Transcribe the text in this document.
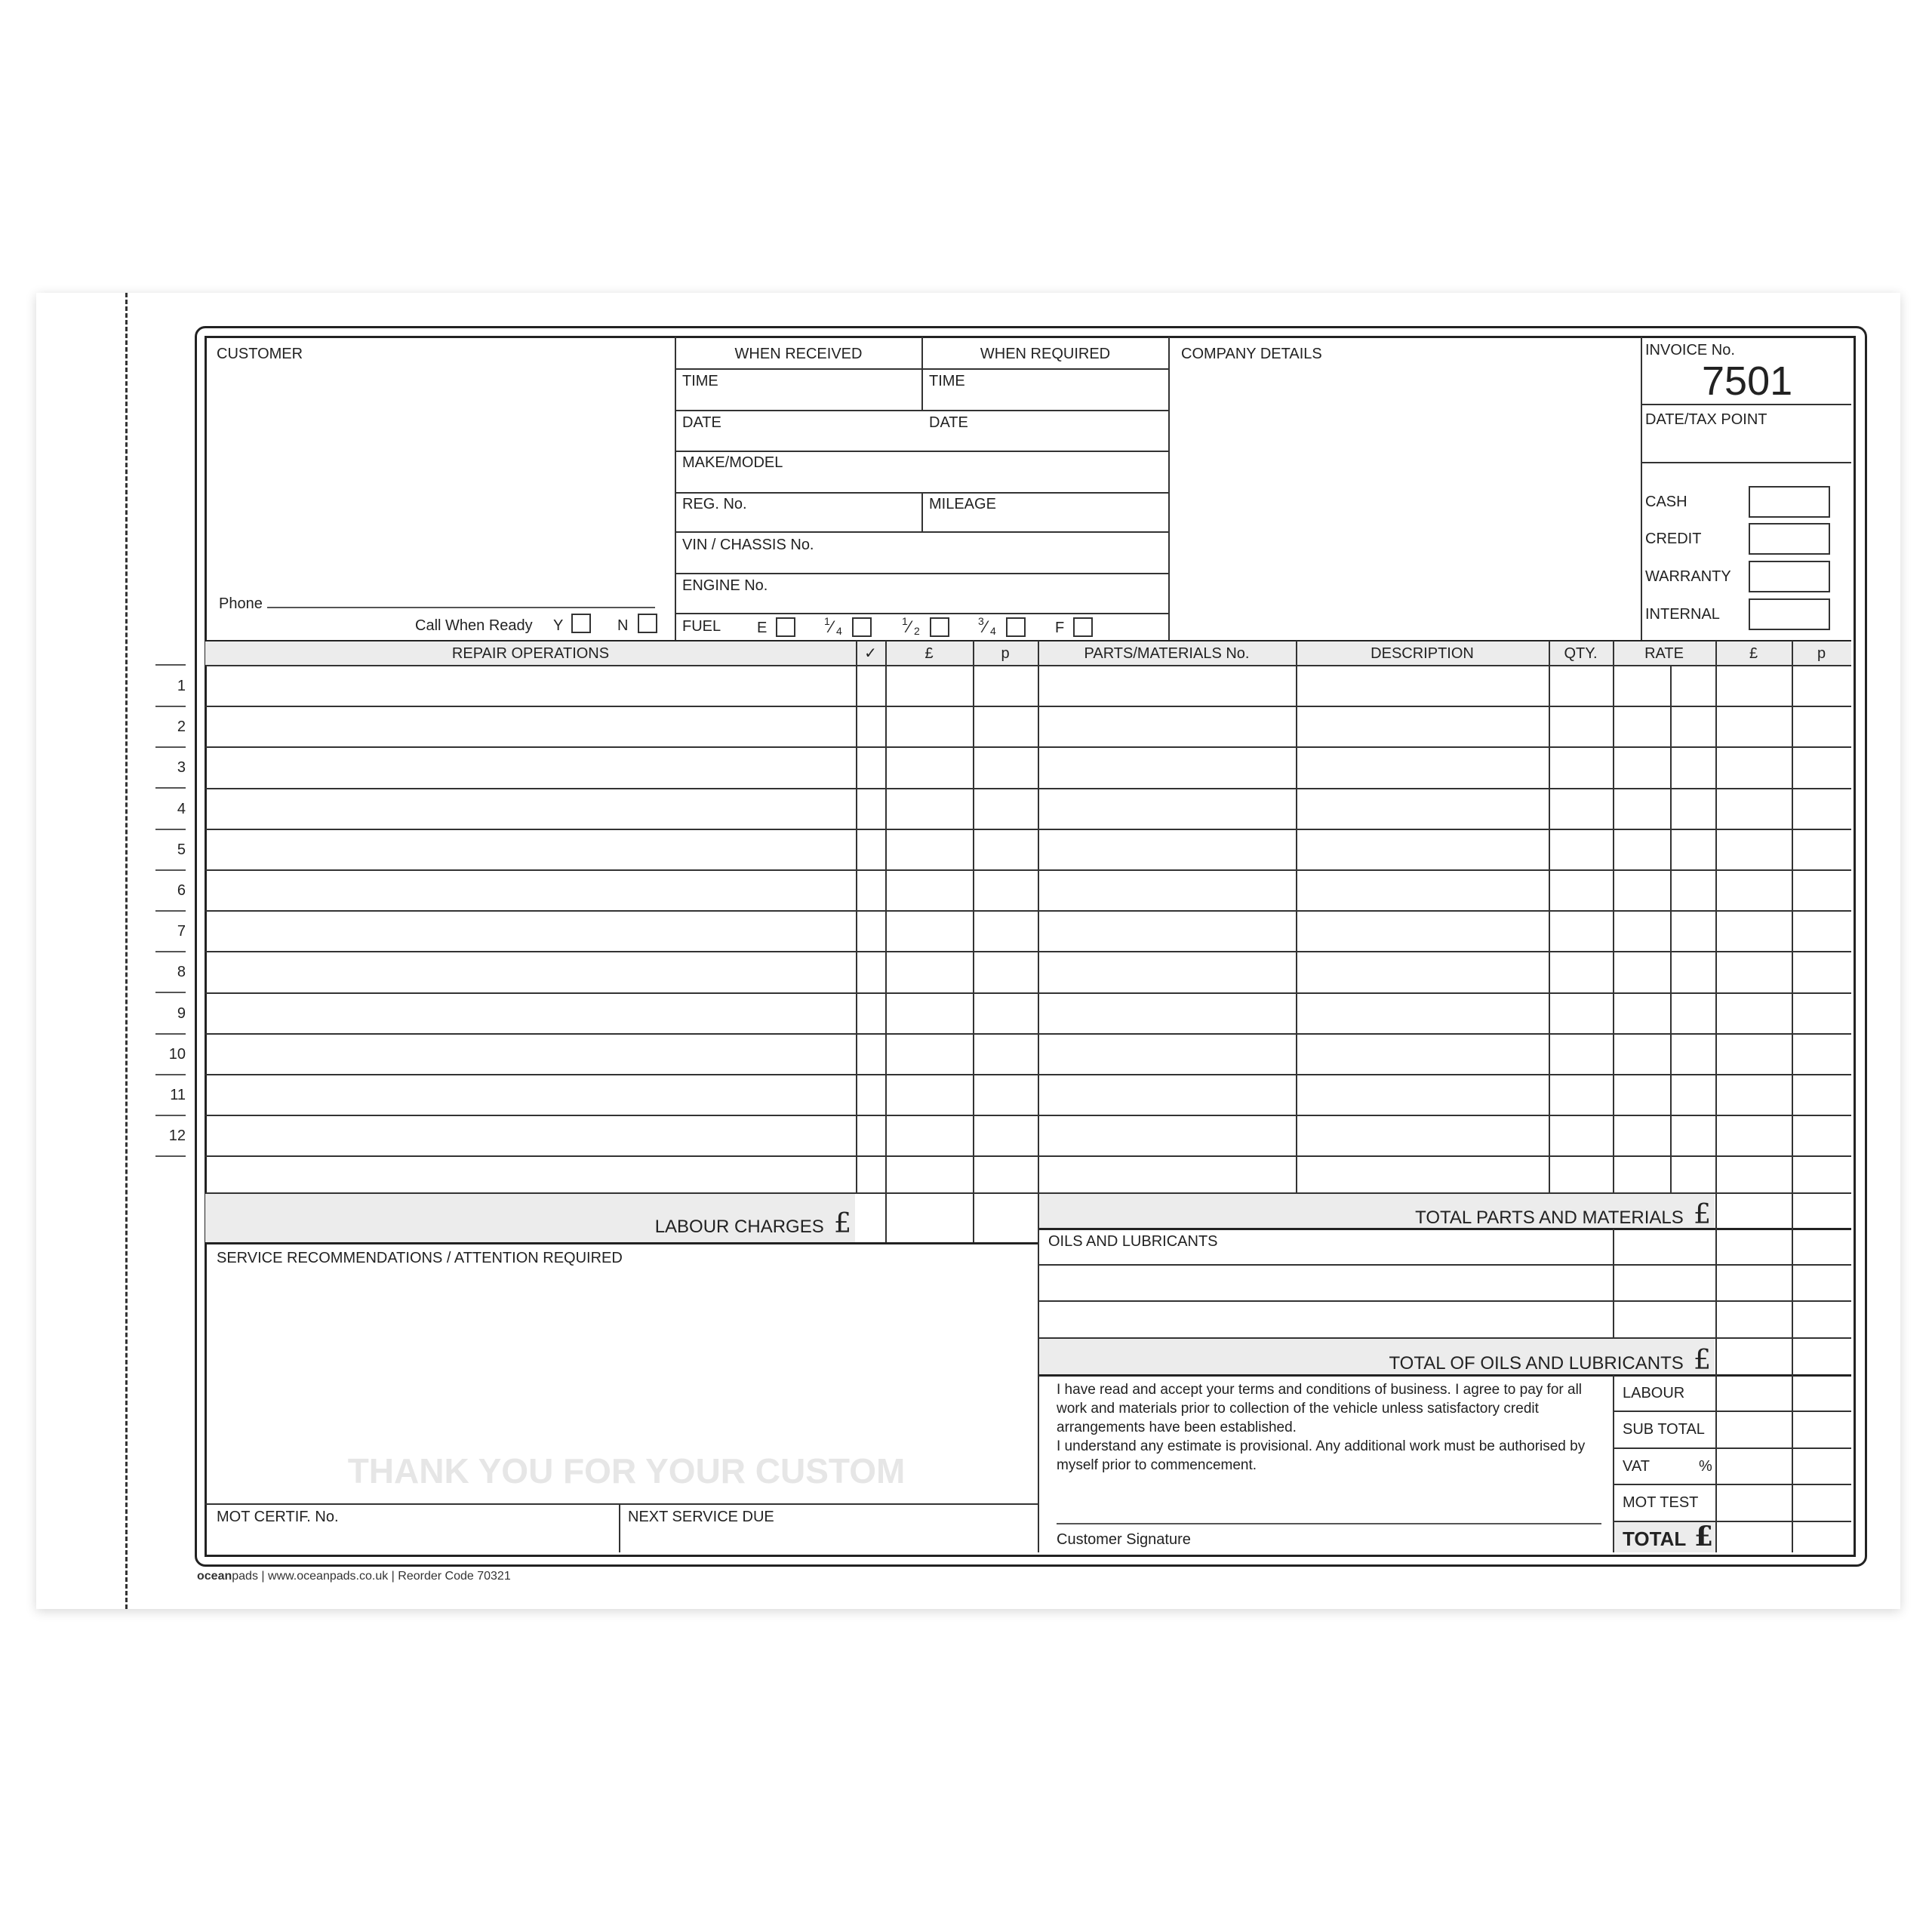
CUSTOMER
Phone
Call When Ready Y	N
WHEN RECEIVED	WHEN REQUIRED
TIME	TIME
DATE	DATE
MAKE/MODEL
REG. No.	MILEAGE
VIN / CHASSIS No.
ENGINE No.
FUEL E	1 ⁄ 4
1 ⁄ 2
3 ⁄ 4	F
COMPANY DETAILS	INVOICE No.
7501
DATE/TAX POINT
CASH
CREDIT
WARRANTY
INTERNAL
REPAIR OPERATIONS	✓	£	p	PARTS/MATERIALS No.	DESCRIPTION	QTY.	RATE	£	p
LABOUR CHARGES £	TOTAL PARTS AND MATERIALS £
OILS AND LUBRICANTS
TOTAL OF OILS AND LUBRICANTS £
SERVICE RECOMMENDATIONS / ATTENTION REQUIRED
THANK YOU FOR YOUR CUSTOM
MOT CERTIF. No.	NEXT SERVICE DUE
I have read and accept your terms and conditions of business. I agree to pay for all
work and materials prior to collection of the vehicle unless satisfactory credit
arrangements have been established.
I understand any estimate is provisional. Any additional work must be authorised by
myself prior to commencement.
Customer Signature
LABOUR
SUB TOTAL
VAT	%
MOT TEST
TOTAL £
oceanpads | www.oceanpads.co.uk | Reorder Code 70321
1
2
3
4
5
6
7
8
9
10
11
12
